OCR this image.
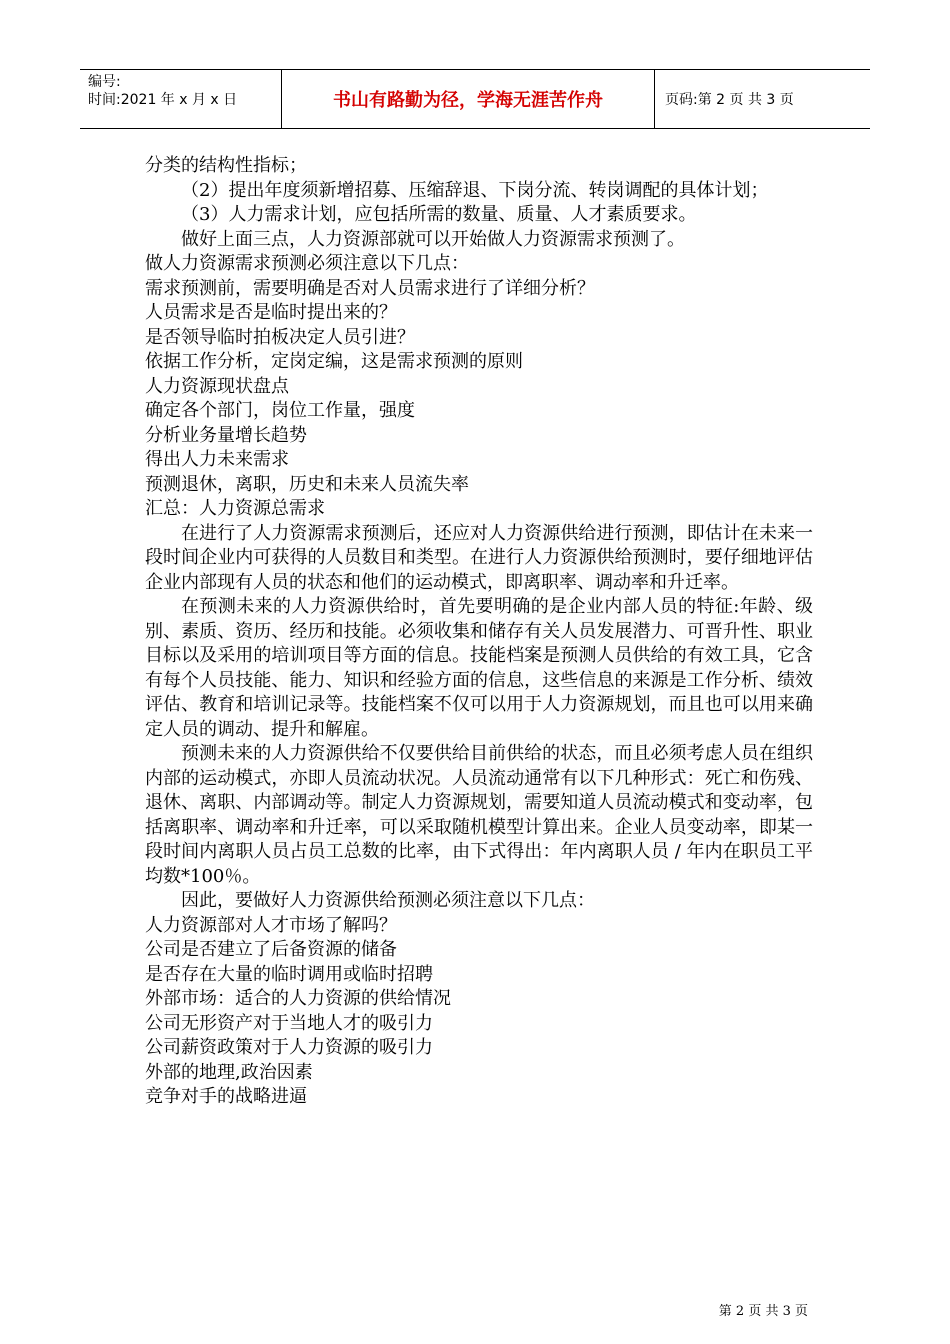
编号:
时间:2021 年 x 月 x 日	书山有路勤为径，学海无涯苦作舟	页码:第 2 页 共 3 页

分类的结构性指标；

（2）提出年度须新增招募、压缩辞退、下岗分流、转岗调配的具体计划；

（3）人力需求计划，应包括所需的数量、质量、人才素质要求。

做好上面三点，人力资源部就可以开始做人力资源需求预测了。

做人力资源需求预测必须注意以下几点：

需求预测前，需要明确是否对人员需求进行了详细分析？

人员需求是否是临时提出来的？

是否领导临时拍板决定人员引进？

依据工作分析，定岗定编，这是需求预测的原则

人力资源现状盘点

确定各个部门，岗位工作量，强度

分析业务量增长趋势

得出人力未来需求

预测退休，离职，历史和未来人员流失率

汇总：人力资源总需求

在进行了人力资源需求预测后，还应对人力资源供给进行预测，即估计在未来一段时间企业内可获得的人员数目和类型。在进行人力资源供给预测时，要仔细地评估企业内部现有人员的状态和他们的运动模式，即离职率、调动率和升迁率。

在预测未来的人力资源供给时，首先要明确的是企业内部人员的特征:年龄、级别、素质、资历、经历和技能。必须收集和储存有关人员发展潜力、可晋升性、职业目标以及采用的培训项目等方面的信息。技能档案是预测人员供给的有效工具，它含有每个人员技能、能力、知识和经验方面的信息，这些信息的来源是工作分析、绩效评估、教育和培训记录等。技能档案不仅可以用于人力资源规划，而且也可以用来确定人员的调动、提升和解雇。

预测未来的人力资源供给不仅要供给目前供给的状态，而且必须考虑人员在组织内部的运动模式，亦即人员流动状况。人员流动通常有以下几种形式：死亡和伤残、退休、离职、内部调动等。制定人力资源规划，需要知道人员流动模式和变动率，包括离职率、调动率和升迁率，可以采取随机模型计算出来。企业人员变动率，即某一段时间内离职人员占员工总数的比率，由下式得出：年内离职人员 / 年内在职员工平均数*100％。

因此，要做好人力资源供给预测必须注意以下几点：

人力资源部对人才市场了解吗？

公司是否建立了后备资源的储备

是否存在大量的临时调用或临时招聘

外部市场：适合的人力资源的供给情况

公司无形资产对于当地人才的吸引力

公司薪资政策对于人力资源的吸引力

外部的地理,政治因素

竞争对手的战略进逼

第 2 页 共 3 页
